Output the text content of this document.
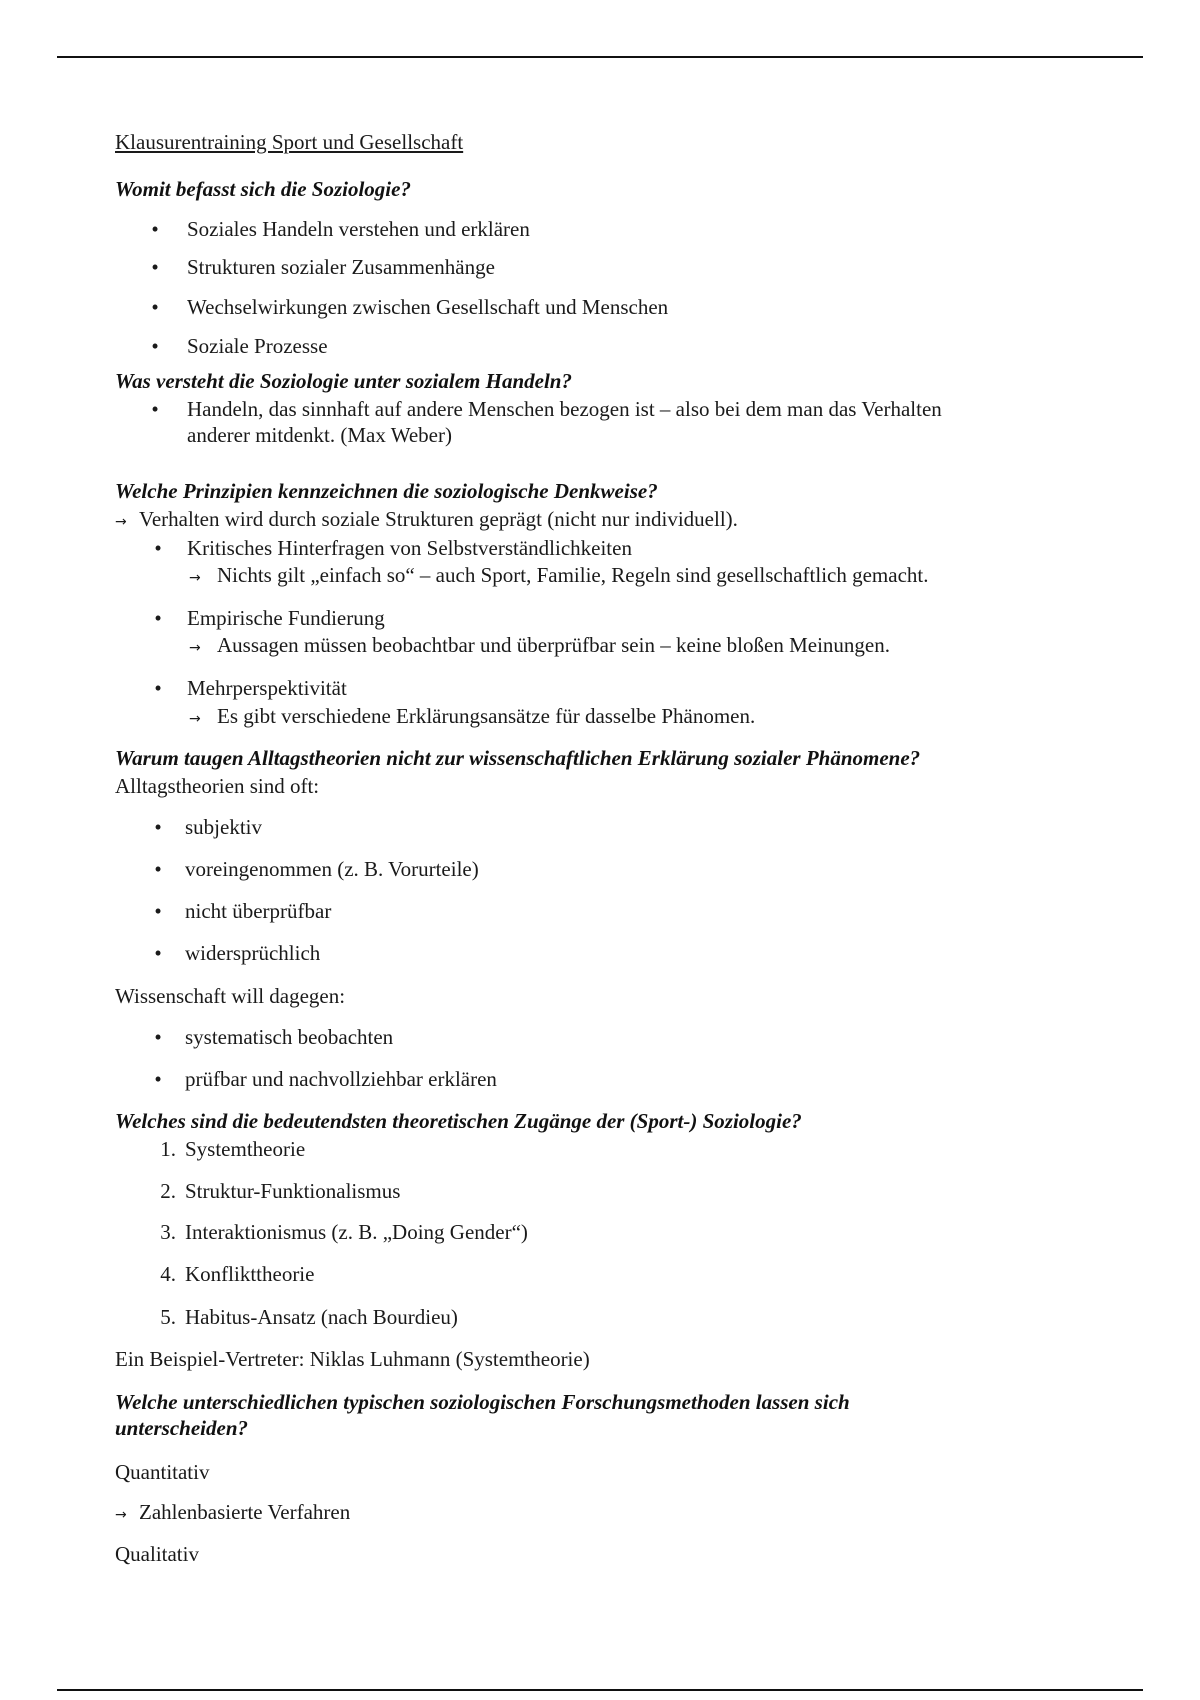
Klausurentraining Sport und Gesellschaft
Womit befasst sich die Soziologie?
• Soziales Handeln verstehen und erklären
• Strukturen sozialer Zusammenhänge
• Wechselwirkungen zwischen Gesellschaft und Menschen
• Soziale Prozesse
Was versteht die Soziologie unter sozialem Handeln?
• Handeln, das sinnhaft auf andere Menschen bezogen ist – also bei dem man das Verhalten
anderer mitdenkt. (Max Weber)
Welche Prinzipien kennzeichnen die soziologische Denkweise?
→ Verhalten wird durch soziale Strukturen geprägt (nicht nur individuell).
• Kritisches Hinterfragen von Selbstverständlichkeiten
→ Nichts gilt „einfach so“ – auch Sport, Familie, Regeln sind gesellschaftlich gemacht.
• Empirische Fundierung
→ Aussagen müssen beobachtbar und überprüfbar sein – keine bloßen Meinungen.
• Mehrperspektivität
→ Es gibt verschiedene Erklärungsansätze für dasselbe Phänomen.
Warum taugen Alltagstheorien nicht zur wissenschaftlichen Erklärung sozialer Phänomene?
Alltagstheorien sind oft:
• subjektiv
• voreingenommen (z. B. Vorurteile)
• nicht überprüfbar
• widersprüchlich
Wissenschaft will dagegen:
• systematisch beobachten
• prüfbar und nachvollziehbar erklären
Welches sind die bedeutendsten theoretischen Zugänge der (Sport-) Soziologie?
1. Systemtheorie
2. Struktur-Funktionalismus
3. Interaktionismus (z. B. „Doing Gender“)
4. Konflikttheorie
5. Habitus-Ansatz (nach Bourdieu)
Ein Beispiel-Vertreter: Niklas Luhmann (Systemtheorie)
Welche unterschiedlichen typischen soziologischen Forschungsmethoden lassen sich
unterscheiden?
Quantitativ
→ Zahlenbasierte Verfahren
Qualitativ
